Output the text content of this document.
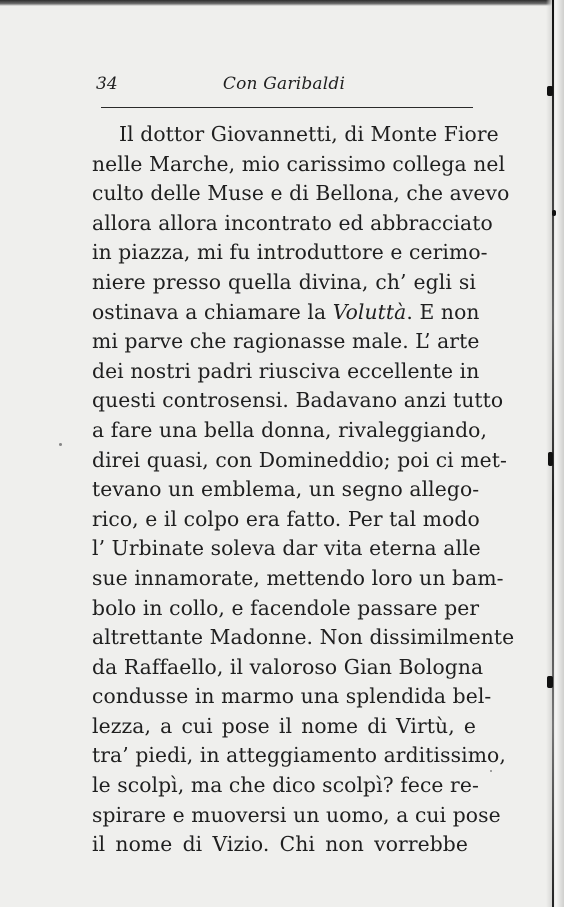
34	Con Garibaldi
Il dottor Giovannetti, di Monte Fiore
nelle Marche, mio carissimo collega nel
culto delle Muse e di Bellona, che avevo
allora allora incontrato ed abbracciato
in piazza, mi fu introduttore e cerimo-
niere presso quella divina, ch’ egli si
ostinava a chiamare la Voluttà. E non
mi parve che ragionasse male. L’ arte
dei nostri padri riusciva eccellente in
questi controsensi. Badavano anzi tutto
a fare una bella donna, rivaleggiando,
direi quasi, con Domineddio; poi ci met-
tevano un emblema, un segno allego-
rico, e il colpo era fatto. Per tal modo
l’ Urbinate soleva dar vita eterna alle
sue innamorate, mettendo loro un bam-
bolo in collo, e facendole passare per
altrettante Madonne. Non dissimilmente
da Raffaello, il valoroso Gian Bologna
condusse in marmo una splendida bel-
lezza, a cui pose il nome di Virtù, e
tra’ piedi, in atteggiamento arditissimo,
le scolpì, ma che dico scolpì? fece re-
spirare e muoversi un uomo, a cui pose
il nome di Vizio. Chi non vorrebbe
